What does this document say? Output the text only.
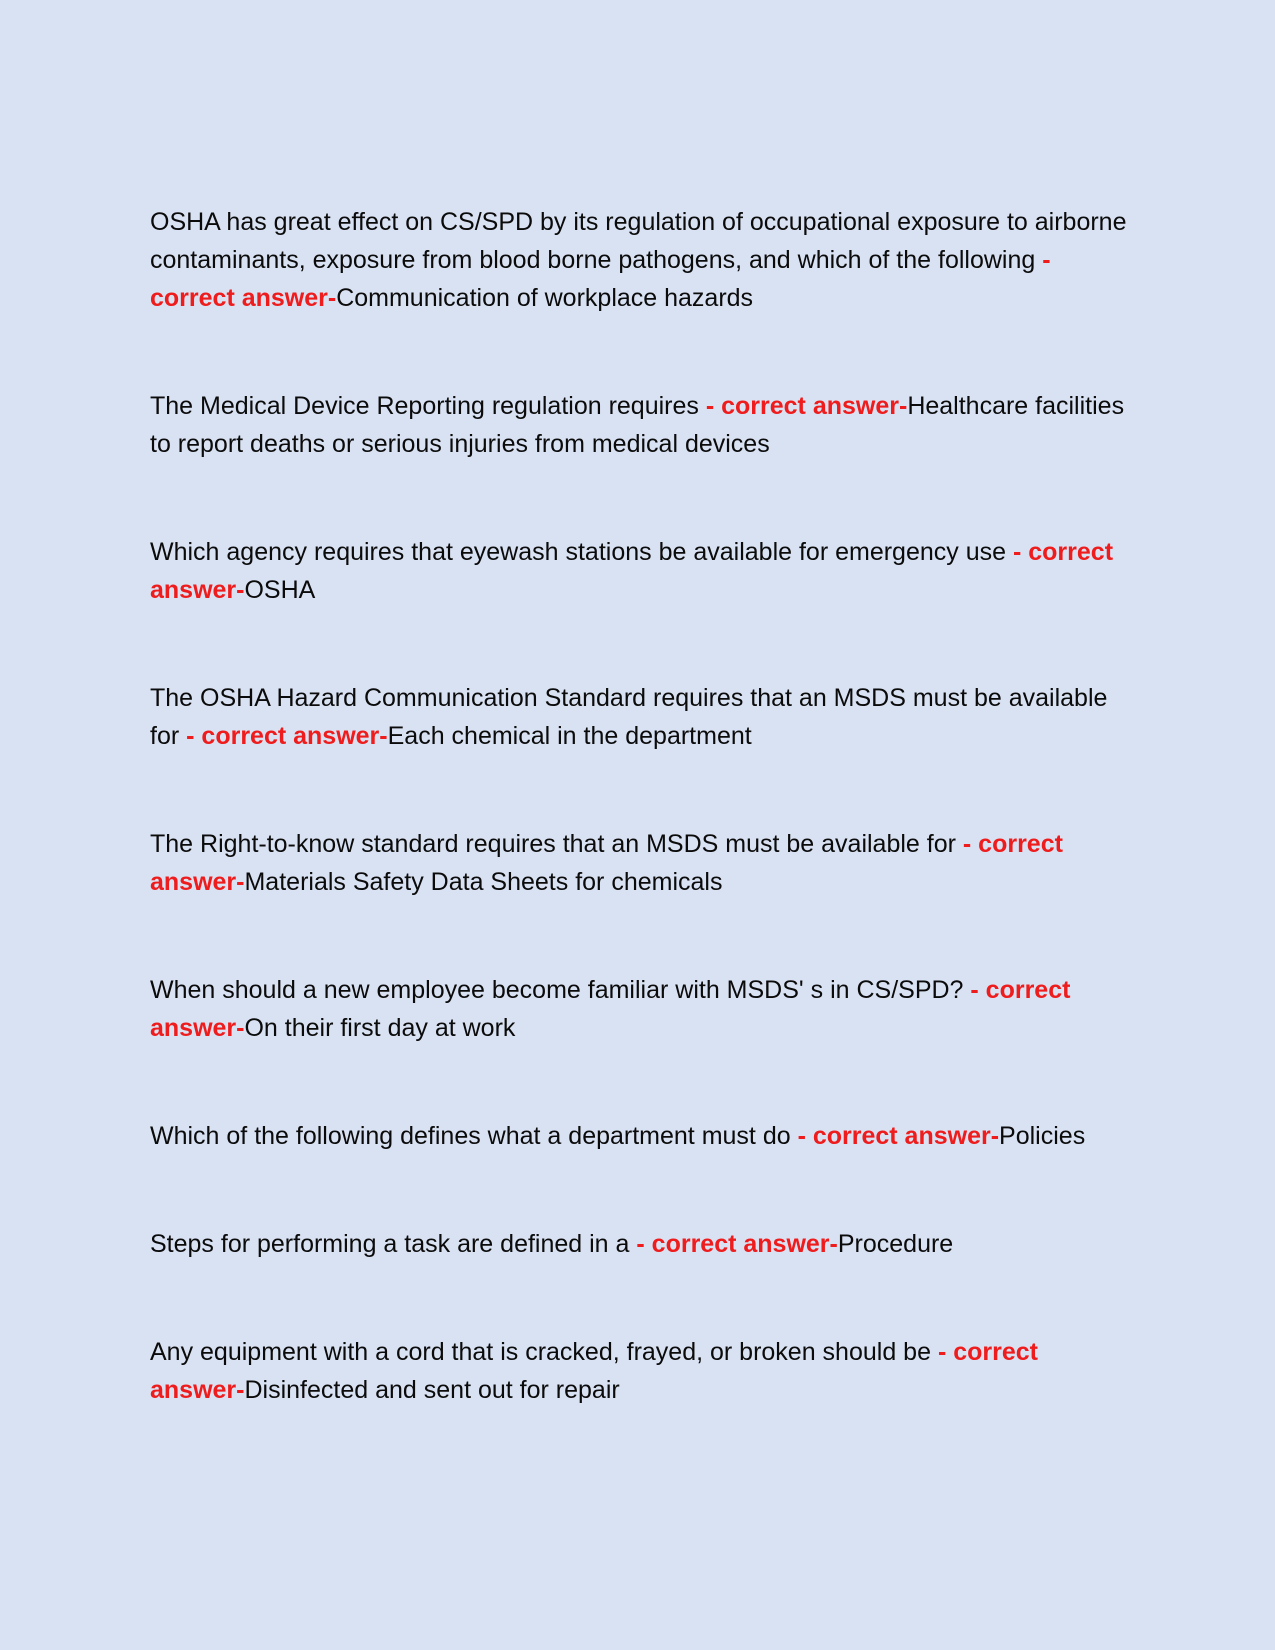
OSHA has great effect on CS/SPD by its regulation of occupational exposure to airborne contaminants, exposure from blood borne pathogens, and which of the following - correct answer-Communication of workplace hazards

The Medical Device Reporting regulation requires - correct answer-Healthcare facilities to report deaths or serious injuries from medical devices

Which agency requires that eyewash stations be available for emergency use - correct answer-OSHA

The OSHA Hazard Communication Standard requires that an MSDS must be available for - correct answer-Each chemical in the department

The Right-to-know standard requires that an MSDS must be available for - correct answer-Materials Safety Data Sheets for chemicals

When should a new employee become familiar with MSDS' s in CS/SPD? - correct answer-On their first day at work

Which of the following defines what a department must do - correct answer-Policies

Steps for performing a task are defined in a - correct answer-Procedure

Any equipment with a cord that is cracked, frayed, or broken should be - correct answer-Disinfected and sent out for repair
